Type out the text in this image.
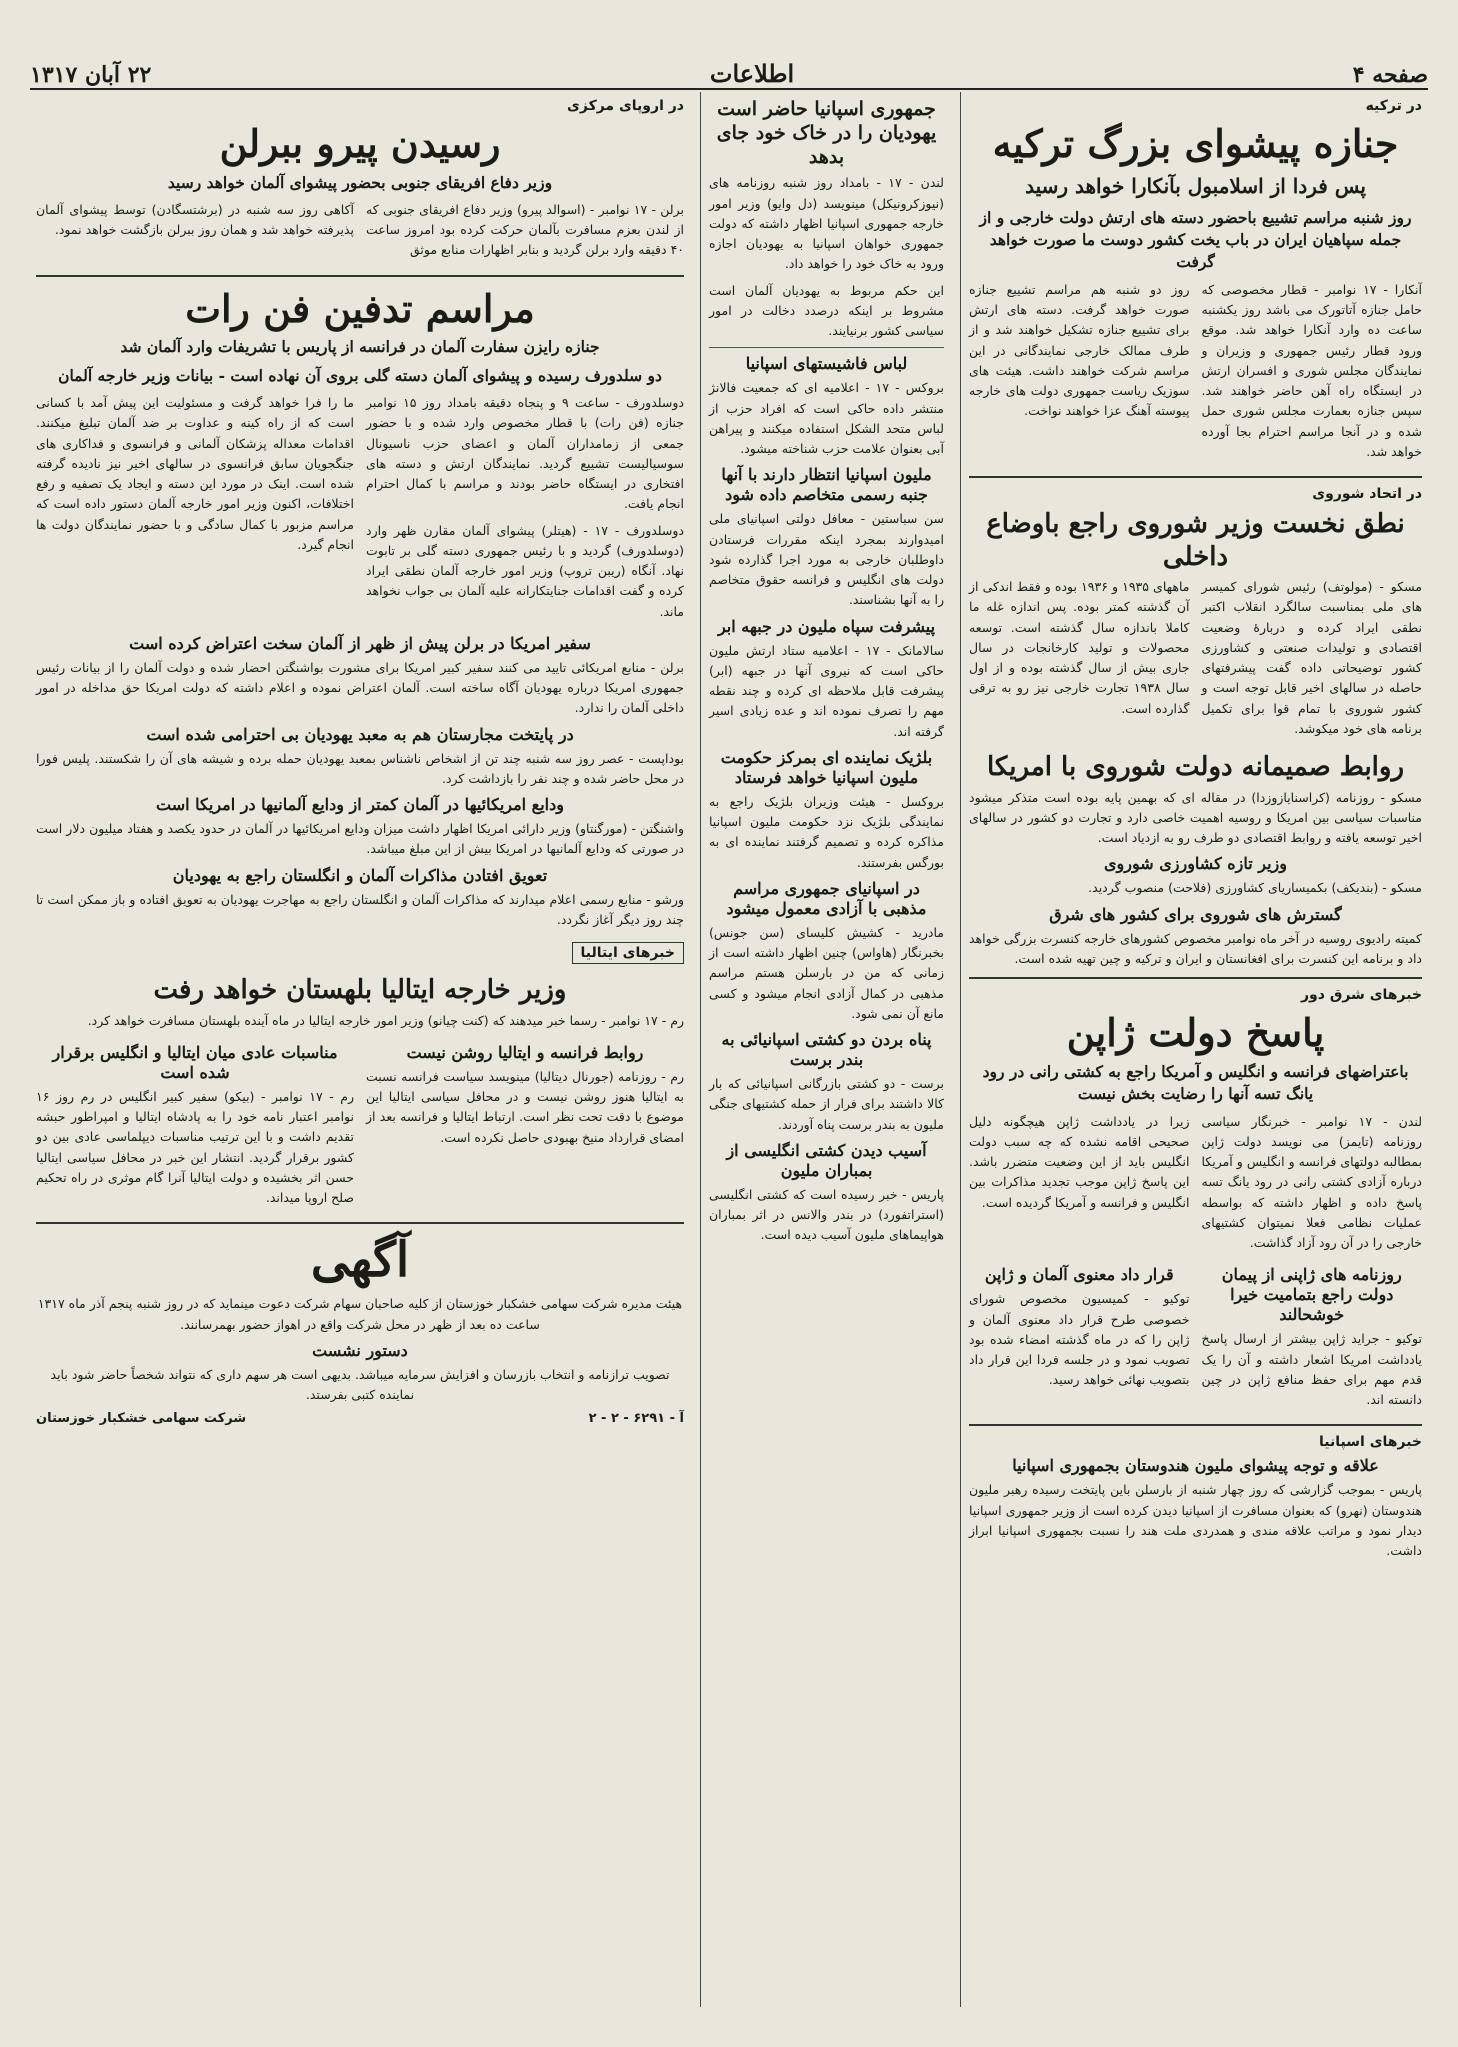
صفحه ۴
اطلاعات
۲۲ آبان ۱۳۱۷
در ترکیه
جنازه پیشوای بزرگ ترکیه
پس فردا از اسلامبول بآنکارا خواهد رسید
روز شنبه مراسم تشییع باحضور دسته های ارتش دولت خارجی و از جمله سپاهیان ایران در باب یخت کشور دوست ما صورت خواهد گرفت
آنکارا - ۱۷ نوامبر - قطار مخصوصی که حامل جنازه آتاتورک می باشد روز یکشنبه ساعت ده وارد آنکارا خواهد شد. موقع ورود قطار رئیس جمهوری و وزیران و نمایندگان مجلس شوری و افسران ارتش در ایستگاه راه آهن حاضر خواهند شد. سپس جنازه بعمارت مجلس شوری حمل شده و در آنجا مراسم احترام بجا آورده خواهد شد.
روز دو شنبه هم مراسم تشییع جنازه صورت خواهد گرفت. دسته های ارتش برای تشییع جنازه تشکیل خواهند شد و از طرف ممالک خارجی نمایندگانی در این مراسم شرکت خواهند داشت. هیئت های سوزیک ریاست جمهوری دولت های خارجه پیوسته آهنگ عزا خواهند نواخت.
در اتحاد شوروی
نطق نخست وزیر شوروی راجع باوضاع داخلی
مسکو - (مولوتف) رئیس شورای کمیسر های ملی بمناسبت سالگرد انقلاب اکتبر نطقی ایراد کرده و دربارهٔ وضعیت اقتصادی و تولیدات صنعتی و کشاورزی کشور توضیحاتی داده گفت پیشرفتهای حاصله در سالهای اخیر قابل توجه است و کشور شوروی با تمام قوا برای تکمیل برنامه های خود میکوشد.
ماههای ۱۹۳۵ و ۱۹۳۶ بوده و فقط اندکی از آن گذشته کمتر بوده. پس اندازه غله ما کاملا باندازه سال گذشته است. توسعه محصولات و تولید کارخانجات در سال جاری بیش از سال گذشته بوده و از اول سال ۱۹۳۸ تجارت خارجی نیز رو به ترقی گذارده است.
روابط صمیمانه دولت شوروی با امریکا
مسکو - روزنامه (کراسنایازوزدا) در مقاله ای که بهمین پایه بوده است متذکر میشود مناسبات سیاسی بین امریکا و روسیه اهمیت خاصی دارد و تجارت دو کشور در سالهای اخیر توسعه یافته و روابط اقتصادی دو طرف رو به ازدیاد است.
وزیر تازه کشاورزی شوروی
مسکو - (بندیکف) بکمیساریای کشاورزی (فلاحت) منصوب گردید.
گسترش های شوروی برای کشور های شرق
کمیته رادیوی روسیه در آخر ماه نوامبر مخصوص کشورهای خارجه کنسرت بزرگی خواهد داد و برنامه این کنسرت برای افغانستان و ایران و ترکیه و چین تهیه شده است.
خبرهای شرق دور
پاسخ دولت ژاپن
باعتراضهای فرانسه و انگلیس و آمریکا راجع به کشتی رانی در رود یانگ تسه آنها را رضایت بخش نیست
لندن - ۱۷ نوامبر - خبرنگار سیاسی روزنامه (تایمز) می نویسد دولت ژاپن بمطالبه دولتهای فرانسه و انگلیس و آمریکا درباره آزادی کشتی رانی در رود یانگ تسه پاسخ داده و اظهار داشته که بواسطه عملیات نظامی فعلا نمیتوان کشتیهای خارجی را در آن رود آزاد گذاشت.
زیرا در یادداشت ژاپن هیچگونه دلیل صحیحی اقامه نشده که چه سبب دولت انگلیس باید از این وضعیت متضرر باشد. این پاسخ ژاپن موجب تجدید مذاکرات بین انگلیس و فرانسه و آمریکا گردیده است.
روزنامه های ژاپنی از پیمان دولت راجع بتمامیت خیرا خوشحالند
توکیو - جراید ژاپن بیشتر از ارسال پاسخ یادداشت امریکا اشعار داشته و آن را یک قدم مهم برای حفظ منافع ژاپن در چین دانسته اند.
قرار داد معنوی آلمان و ژاپن
توکیو - کمیسیون مخصوص شورای خصوصی طرح قرار داد معنوی آلمان و ژاپن را که در ماه گذشته امضاء شده بود تصویب نمود و در جلسه فردا این قرار داد بتصویب نهائی خواهد رسید.
خبرهای اسپانیا
علاقه و توجه پیشوای ملیون هندوستان بجمهوری اسپانیا
پاریس - بموجب گزارشی که روز چهار شنبه از بارسلن باین پایتخت رسیده رهبر ملیون هندوستان (نهرو) که بعنوان مسافرت از اسپانیا دیدن کرده است از وزیر جمهوری اسپانیا دیدار نمود و مراتب علاقه مندی و همدردی ملت هند را نسبت بجمهوری اسپانیا ابراز داشت.
جمهوری اسپانیا حاضر است یهودیان را در خاک خود جای بدهد
لندن - ۱۷ - بامداد روز شنبه روزنامه های (نیوزکرونیکل) مینویسد (دل وایو) وزیر امور خارجه جمهوری اسپانیا اظهار داشته که دولت جمهوری خواهان اسپانیا به یهودیان اجازه ورود به خاک خود را خواهد داد.
این حکم مربوط به یهودیان آلمان است مشروط بر اینکه درصدد دخالت در امور سیاسی کشور برنیایند.
لباس فاشیستهای اسپانیا
بروکس - ۱۷ - اعلامیه ای که جمعیت فالانژ منتشر داده حاکی است که افراد حزب از لباس متحد الشکل استفاده میکنند و پیراهن آبی بعنوان علامت حزب شناخته میشود.
ملیون اسپانیا انتظار دارند با آنها جنبه رسمی متخاصم داده شود
سن سباستین - معافل دولتی اسپانیای ملی امیدوارند بمجرد اینکه مقررات فرستادن داوطلبان خارجی به مورد اجرا گذارده شود دولت های انگلیس و فرانسه حقوق متخاصم را به آنها بشناسند.
پیشرفت سپاه ملیون در جبهه ابر
سالامانک - ۱۷ - اعلامیه ستاد ارتش ملیون حاکی است که نیروی آنها در جبهه (ابر) پیشرفت قابل ملاحظه ای کرده و چند نقطه مهم را تصرف نموده اند و عده زیادی اسیر گرفته اند.
بلژیک نماینده ای بمرکز حکومت ملیون اسپانیا خواهد فرستاد
بروکسل - هیئت وزیران بلژیک راجع به نمایندگی بلژیک نزد حکومت ملیون اسپانیا مذاکره کرده و تصمیم گرفتند نماینده ای به بورگس بفرستند.
در اسپانیای جمهوری مراسم مذهبی با آزادی معمول میشود
مادرید - کشیش کلیسای (سن جونس) بخبرنگار (هاواس) چنین اظهار داشته است از زمانی که من در بارسلن هستم مراسم مذهبی در کمال آزادی انجام میشود و کسی مانع آن نمی شود.
پناه بردن دو کشتی اسپانیائی به بندر برست
برست - دو کشتی بازرگانی اسپانیائی که بار کالا داشتند برای فرار از حمله کشتیهای جنگی ملیون به بندر برست پناه آوردند.
آسیب دیدن کشتی انگلیسی از بمباران ملیون
پاریس - خبر رسیده است که کشتی انگلیسی (استراتفورد) در بندر والانس در اثر بمباران هواپیماهای ملیون آسیب دیده است.
در اروپای مرکزی
رسیدن پیرو ببرلن
وزیر دفاع افریقای جنوبی بحضور پیشوای آلمان خواهد رسید
برلن - ۱۷ نوامبر - (اسوالد پیرو) وزیر دفاع افریقای جنوبی که از لندن بعزم مسافرت بآلمان حرکت کرده بود امروز ساعت ۴۰ دقیقه وارد برلن گردید و بنابر اظهارات منابع موثق
آکاهی روز سه شنبه در (برشتسگادن) توسط پیشوای آلمان پذیرفته خواهد شد و همان روز ببرلن بازگشت خواهد نمود.
مراسم تدفین فن رات
جنازه رایزن سفارت آلمان در فرانسه از پاریس با تشریفات وارد آلمان شد
دو سلدورف رسیده و پیشوای آلمان دسته گلی بروی آن نهاده است - بیانات وزیر خارجه آلمان
دوسلدورف - ساعت ۹ و پنجاه دقیقه بامداد روز ۱۵ نوامبر جنازه (فن رات) با قطار مخصوص وارد شده و با حضور جمعی از زمامداران آلمان و اعضای حزب ناسیونال سوسیالیست تشییع گردید. نمایندگان ارتش و دسته های افتخاری در ایستگاه حاضر بودند و مراسم با کمال احترام انجام یافت.
دوسلدورف - ۱۷ - (هیتلر) پیشوای آلمان مقارن ظهر وارد (دوسلدورف) گردید و با رئیس جمهوری دسته گلی بر تابوت نهاد. آنگاه (ریبن تروپ) وزیر امور خارجه آلمان نطقی ایراد کرده و گفت اقدامات جنایتکارانه علیه آلمان بی جواب نخواهد ماند.
ما را فرا خواهد گرفت و مسئولیت این پیش آمد با کسانی است که از راه کینه و عداوت بر ضد آلمان تبلیغ میکنند. اقدامات معداله پزشکان آلمانی و فرانسوی و فداکاری های جنگجویان سابق فرانسوی در سالهای اخیر نیز نادیده گرفته شده است. اینک در مورد این دسته و ایجاد یک تصفیه و رفع اختلافات، اکنون وزیر امور خارجه آلمان دستور داده است که مراسم مزبور با کمال سادگی و با حضور نمایندگان دولت ها انجام گیرد.
سفیر امریکا در برلن پیش از ظهر از آلمان سخت اعتراض کرده است
برلن - منابع امریکائی تایید می کنند سفیر کبیر امریکا برای مشورت بواشنگتن احضار شده و دولت آلمان را از بیانات رئیس جمهوری امریکا درباره یهودیان آگاه ساخته است. آلمان اعتراض نموده و اعلام داشته که دولت امریکا حق مداخله در امور داخلی آلمان را ندارد.
در پایتخت مجارستان هم به معبد یهودیان بی احترامی شده است
بوداپست - عصر روز سه شنبه چند تن از اشخاص ناشناس بمعبد یهودیان حمله برده و شیشه های آن را شکستند. پلیس فورا در محل حاضر شده و چند نفر را بازداشت کرد.
ودایع امریکائیها در آلمان کمتر از ودایع آلمانیها در امریکا است
واشنگتن - (مورگنتاو) وزیر دارائی امریکا اظهار داشت میزان ودایع امریکائیها در آلمان در حدود یکصد و هفتاد میلیون دلار است در صورتی که ودایع آلمانیها در امریکا بیش از این مبلغ میباشد.
تعویق افتادن مذاکرات آلمان و انگلستان راجع به یهودیان
ورشو - منابع رسمی اعلام میدارند که مذاکرات آلمان و انگلستان راجع به مهاجرت یهودیان به تعویق افتاده و باز ممکن است تا چند روز دیگر آغاز نگردد.
خبرهای ایتالیا
وزیر خارجه ایتالیا بلهستان خواهد رفت
رم - ۱۷ نوامبر - رسما خبر میدهند که (کنت چیانو) وزیر امور خارجه ایتالیا در ماه آینده بلهستان مسافرت خواهد کرد.
روابط فرانسه و ایتالیا روشن نیست
رم - روزنامه (جورنال دیتالیا) مینویسد سیاست فرانسه نسبت به ایتالیا هنوز روشن نیست و در محافل سیاسی ایتالیا این موضوع با دقت تحت نظر است. ارتباط ایتالیا و فرانسه بعد از امضای قرارداد منیخ بهبودی حاصل نکرده است.
مناسبات عادی میان ایتالیا و انگلیس برقرار شده است
رم - ۱۷ نوامبر - (بیکو) سفیر کبیر انگلیس در رم روز ۱۶ نوامبر اعتبار نامه خود را به پادشاه ایتالیا و امپراطور حبشه تقدیم داشت و با این ترتیب مناسبات دیپلماسی عادی بین دو کشور برقرار گردید. انتشار این خبر در محافل سیاسی ایتالیا حسن اثر بخشیده و دولت ایتالیا آنرا گام موثری در راه تحکیم صلح اروپا میداند.
آگهی
هیئت مدیره شرکت سهامی خشکبار خوزستان از کلیه صاحبان سهام شرکت دعوت مینماید که در روز شنبه پنجم آذر ماه ۱۳۱۷ ساعت ده بعد از ظهر در محل شرکت واقع در اهواز حضور بهمرسانند.
دستور نشست
تصویب ترازنامه و انتخاب بازرسان و افزایش سرمایه میباشد. بدیهی است هر سهم داری که نتواند شخصاً حاضر شود باید نماینده کتبی بفرستد.
آ - ۶۲۹۱ - ۲ - ۲
شرکت سهامی خشکبار خوزستان
